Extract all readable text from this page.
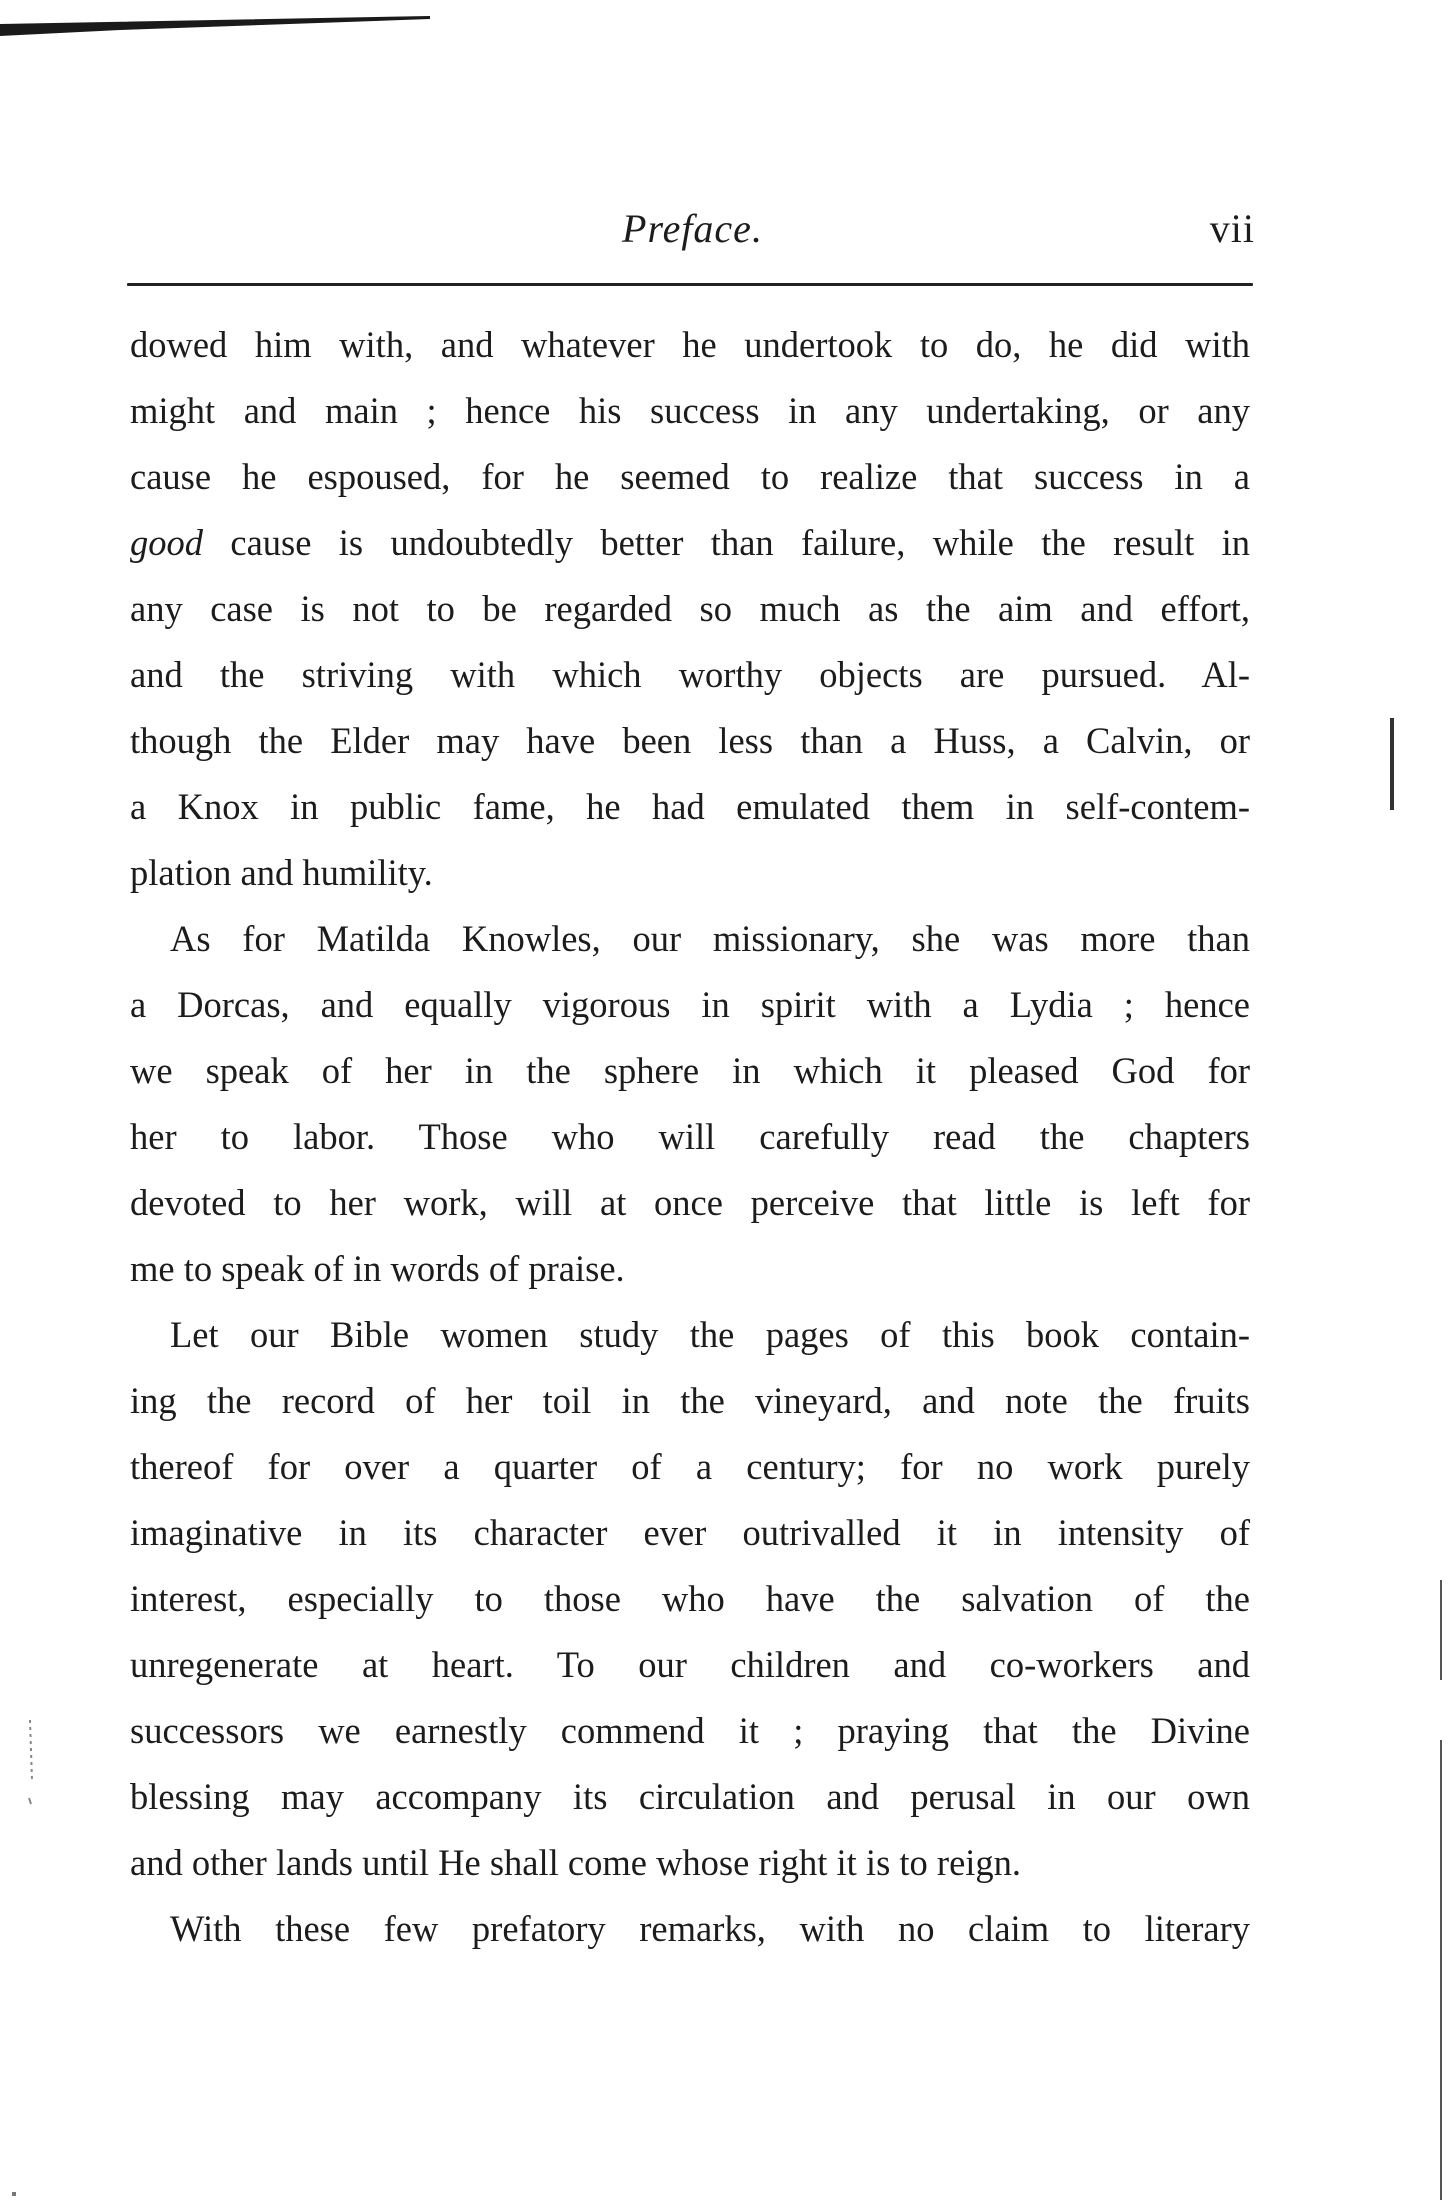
Preface.	vii
dowed him with, and whatever he undertook to do, he did with
might and main ; hence his success in any undertaking, or any
cause he espoused, for he seemed to realize that success in a
good cause is undoubtedly better than failure, while the result in
any case is not to be regarded so much as the aim and effort,
and the striving with which worthy objects are pursued. Al-
though the Elder may have been less than a Huss, a Calvin, or
a Knox in public fame, he had emulated them in self-contem-
plation and humility.
As for Matilda Knowles, our missionary, she was more than
a Dorcas, and equally vigorous in spirit with a Lydia ; hence
we speak of her in the sphere in which it pleased God for
her to labor. Those who will carefully read the chapters
devoted to her work, will at once perceive that little is left for
me to speak of in words of praise.
Let our Bible women study the pages of this book contain-
ing the record of her toil in the vineyard, and note the fruits
thereof for over a quarter of a century; for no work purely
imaginative in its character ever outrivalled it in intensity of
interest, especially to those who have the salvation of the
unregenerate at heart. To our children and co-workers and
successors we earnestly commend it ; praying that the Divine
blessing may accompany its circulation and perusal in our own
and other lands until He shall come whose right it is to reign.
With these few prefatory remarks, with no claim to literary
